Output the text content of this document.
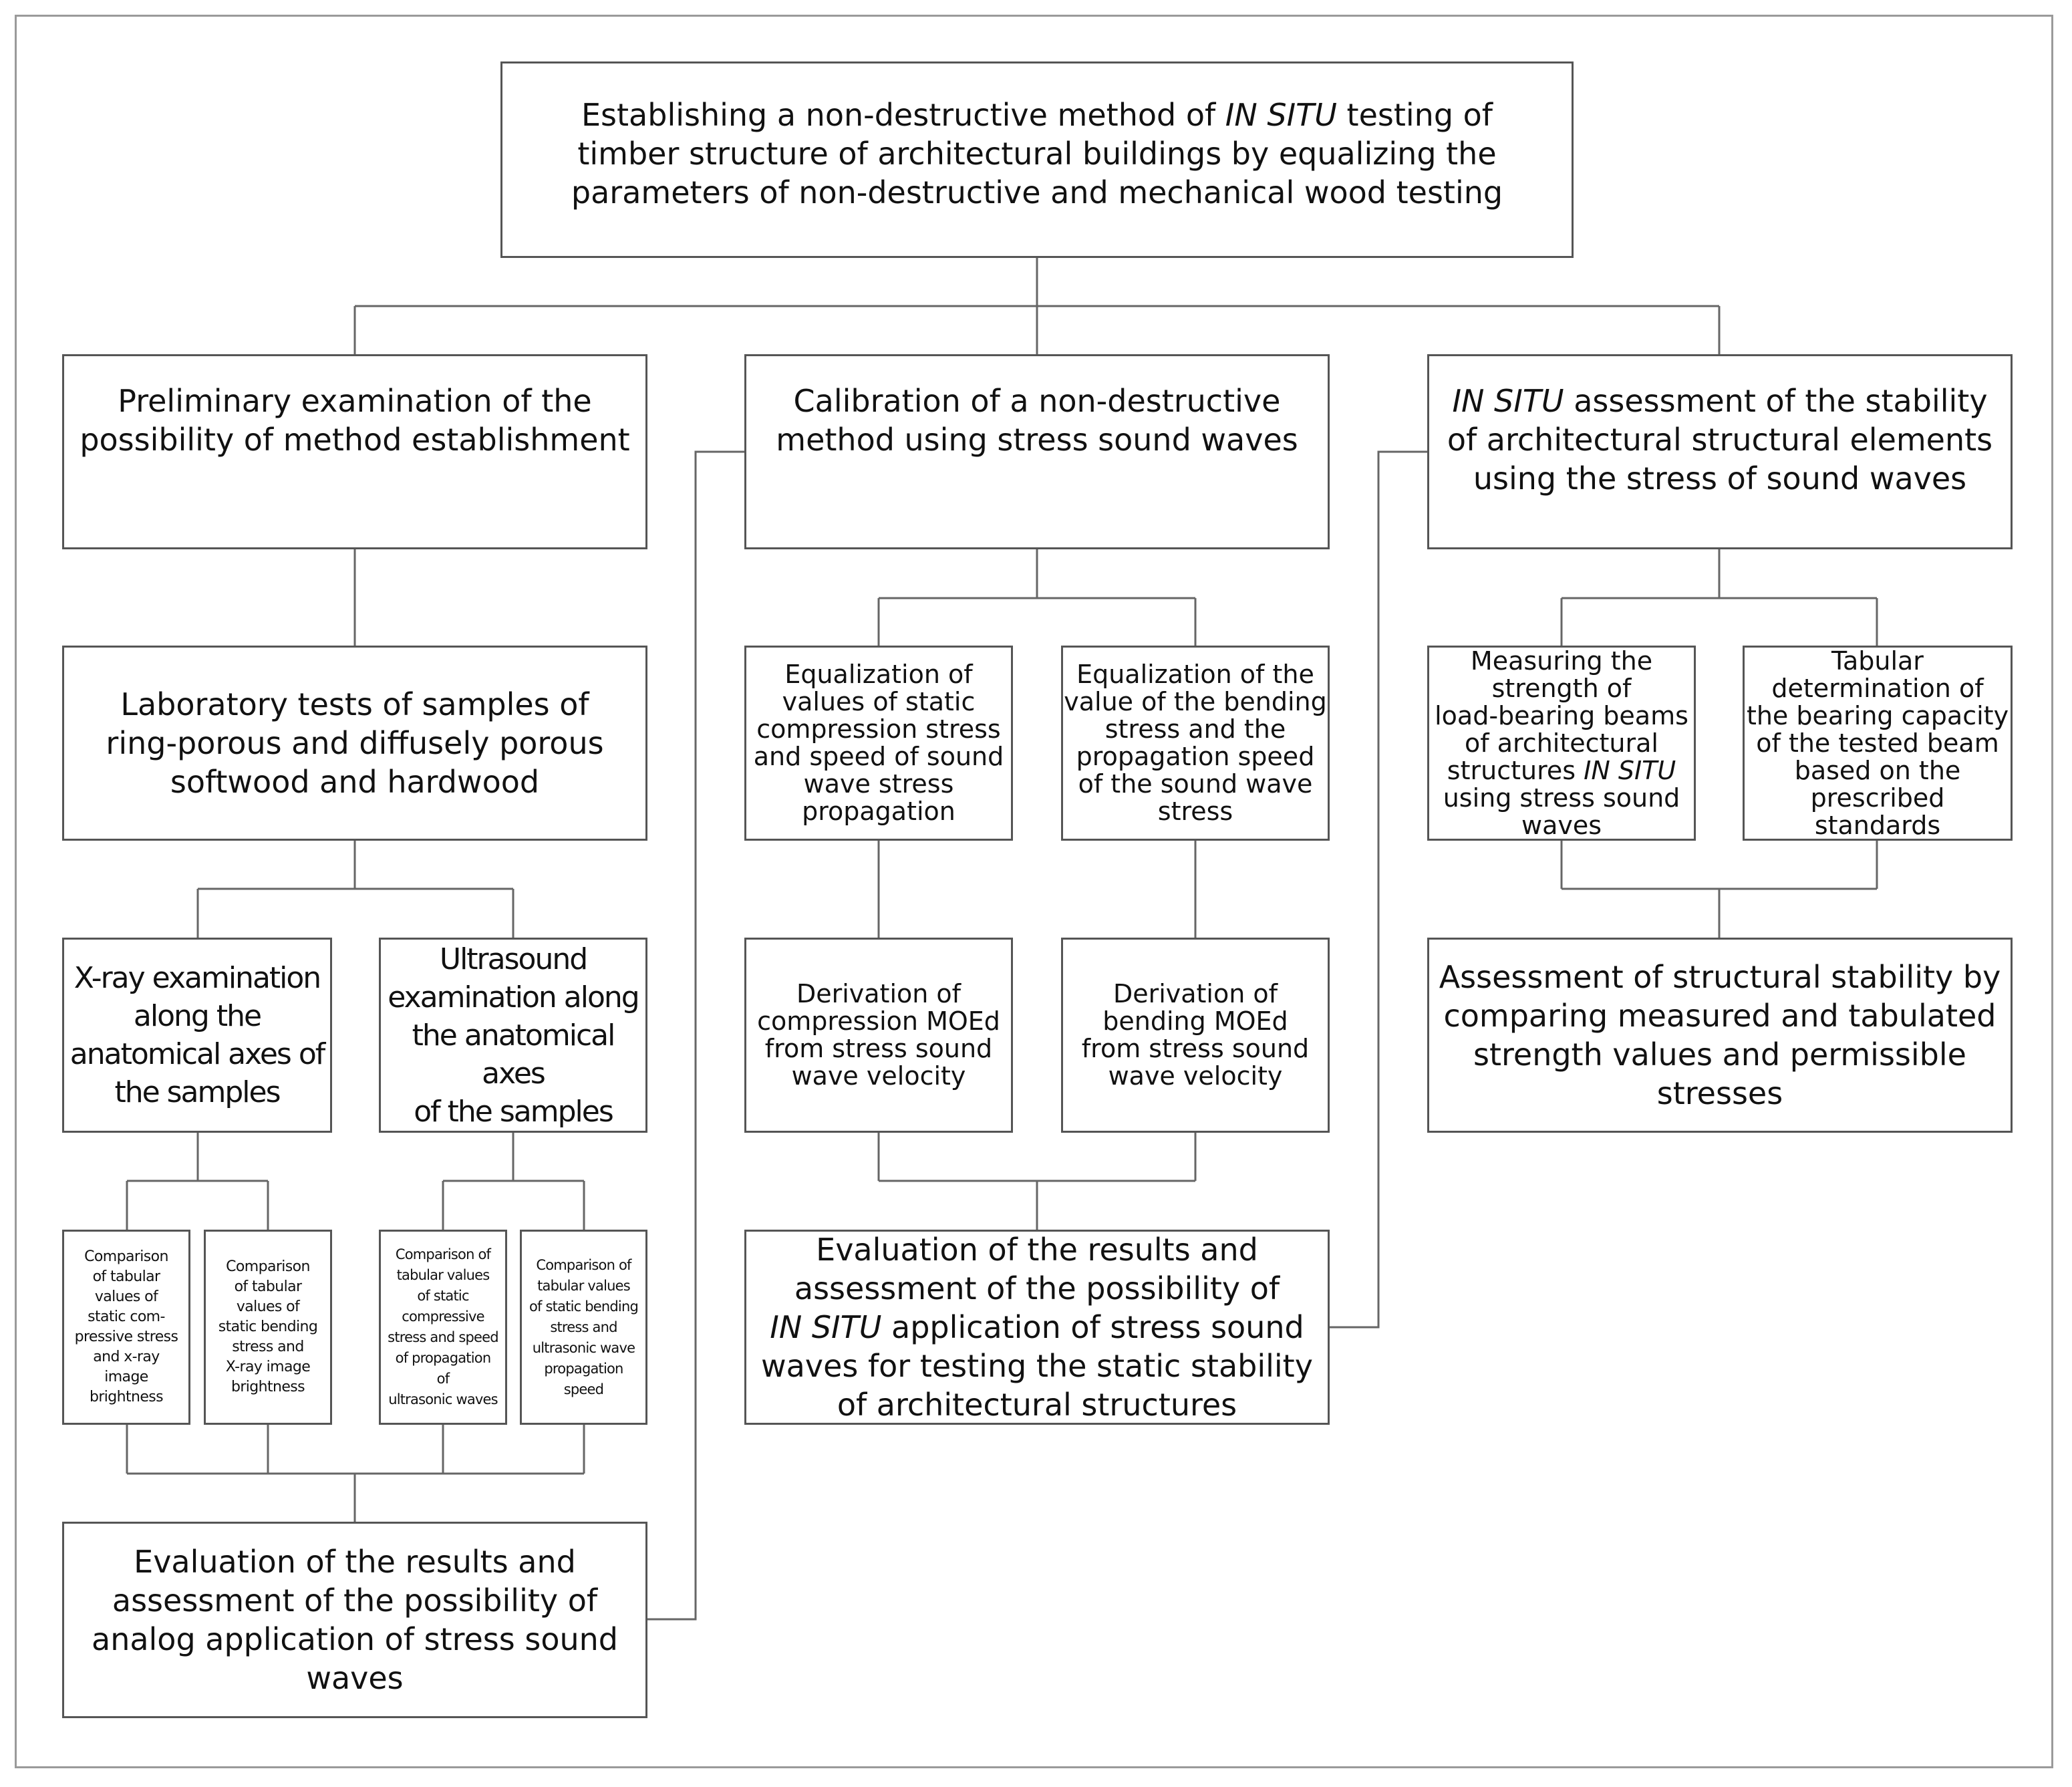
Establishing a non-destructive method of IN SITU testing of
timber structure of architectural buildings by equalizing the
parameters of non-destructive and mechanical wood testing
Preliminary examination of the
possibility of method establishment
Laboratory tests of samples of
ring-porous and diffusely porous
softwood and hardwood
X-ray examination
along the
anatomical axes of
the samples
Ultrasound
examination along
the anatomical axes
of the samples
Comparison
of tabular
values of
static com-
pressive stress
and x-ray
image
brightness
Comparison
of tabular
values of
static bending
stress and
X-ray image
brightness
Comparison of
tabular values
of static
compressive
stress and speed
of propagation
of
ultrasonic waves
Comparison of
tabular values
of static bending
stress and
ultrasonic wave
propagation
speed
Evaluation of the results and
assessment of the possibility of
analog application of stress sound
waves
Calibration of a non-destructive
method using stress sound waves
Equalization of
values of static
compression stress
and speed of sound
wave stress
propagation
Equalization of the
value of the bending
stress and the
propagation speed
of the sound wave
stress
Derivation of
compression MOEd
from stress sound
wave velocity
Derivation of
bending MOEd
from stress sound
wave velocity
Evaluation of the results and
assessment of the possibility of
IN SITU application of stress sound
waves for testing the static stability
of architectural structures
IN SITU assessment of the stability
of architectural structural elements
using the stress of sound waves
Measuring the
strength of
load-bearing beams
of architectural
structures IN SITU
using stress sound
waves
Tabular
determination of
the bearing capacity
of the tested beam
based on the
prescribed
standards
Assessment of structural stability by
comparing measured and tabulated
strength values and permissible
stresses
